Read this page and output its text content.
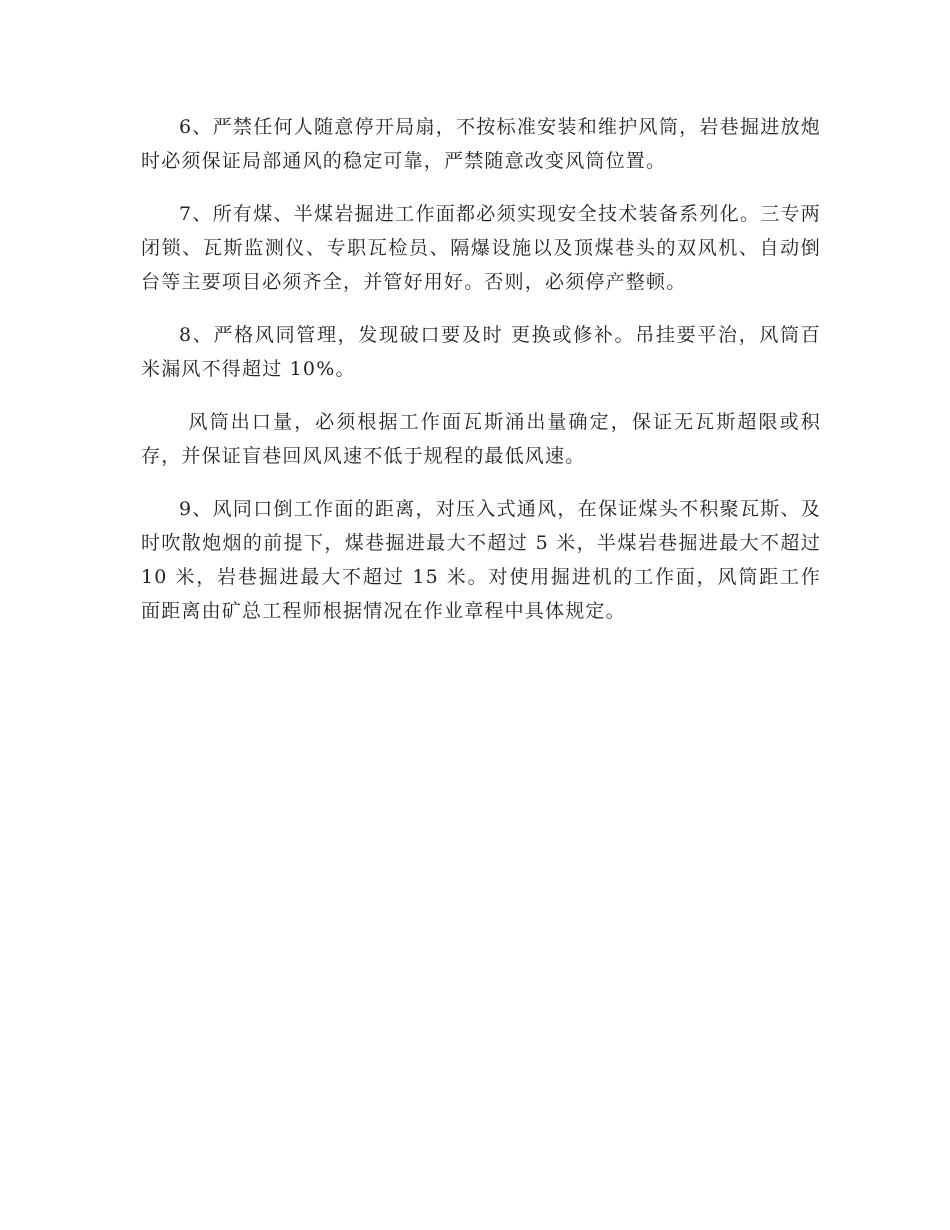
6、严禁任何人随意停开局扇，不按标准安装和维护风筒，岩巷掘进放炮时必须保证局部通风的稳定可靠，严禁随意改变风筒位置。

7、所有煤、半煤岩掘进工作面都必须实现安全技术装备系列化。三专两闭锁、瓦斯监测仪、专职瓦检员、隔爆设施以及顶煤巷头的双风机、自动倒台等主要项目必须齐全，并管好用好。否则，必须停产整顿。

8、严格风同管理，发现破口要及时 更换或修补。吊挂要平治，风筒百米漏风不得超过 10%。

风筒出口量，必须根据工作面瓦斯涌出量确定，保证无瓦斯超限或积存，并保证盲巷回风风速不低于规程的最低风速。

9、风同口倒工作面的距离，对压入式通风，在保证煤头不积聚瓦斯、及时吹散炮烟的前提下，煤巷掘进最大不超过 5 米，半煤岩巷掘进最大不超过 10 米，岩巷掘进最大不超过 15 米。对使用掘进机的工作面，风筒距工作面距离由矿总工程师根据情况在作业章程中具体规定。
